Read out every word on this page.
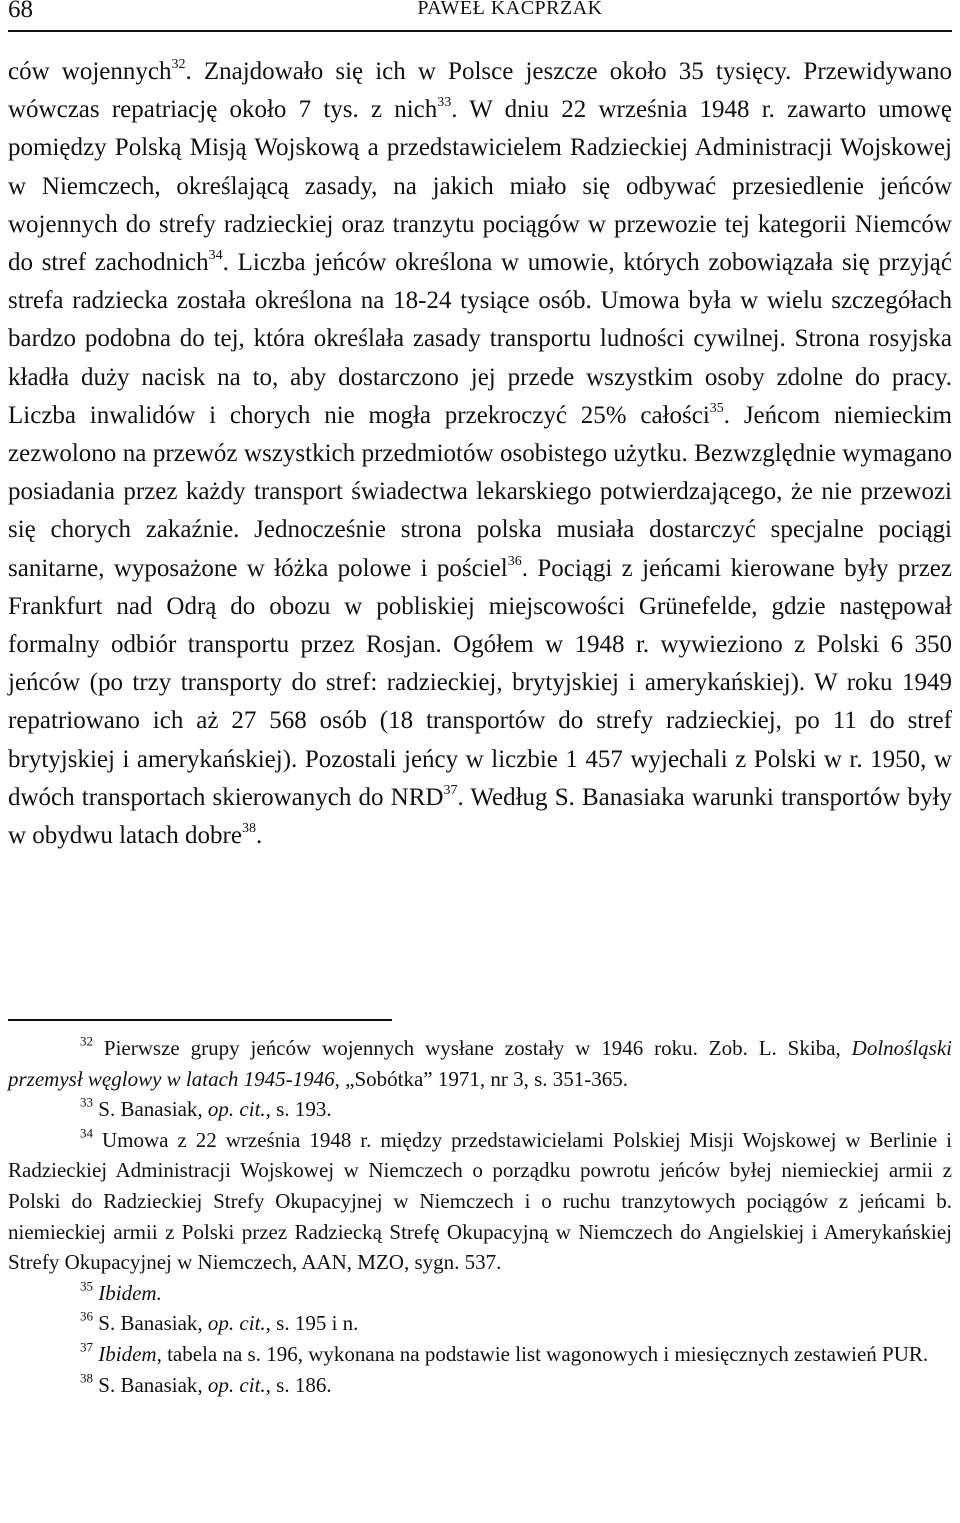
68	PAWEŁ KACPRZAK

ców wojennych$^{32}$. Znajdowało się ich w Polsce jeszcze około 35 tysięcy. Przewidywano wówczas repatriację około 7 tys. z nich$^{33}$. W dniu 22 września 1948 r. zawarto umowę pomiędzy Polską Misją Wojskową a przedstawicielem Radzieckiej Administracji Wojskowej w Niemczech, określającą zasady, na jakich miało się odbywać przesiedlenie jeńców wojennych do strefy radzieckiej oraz tranzytu pociągów w przewozie tej kategorii Niemców do stref zachodnich$^{34}$. Liczba jeńców określona w umowie, których zobowiązała się przyjąć strefa radziecka została określona na 18-24 tysiące osób. Umowa była w wielu szczegółach bardzo podobna do tej, która określała zasady transportu ludności cywilnej. Strona rosyjska kładła duży nacisk na to, aby dostarczono jej przede wszystkim osoby zdolne do pracy. Liczba inwalidów i chorych nie mogła przekroczyć 25% całości$^{35}$. Jeńcom niemieckim zezwolono na przewóz wszystkich przedmiotów osobistego użytku. Bezwzględnie wymagano posiadania przez każdy transport świadectwa lekarskiego potwierdzającego, że nie przewozi się chorych zakaźnie. Jednocześnie strona polska musiała dostarczyć specjalne pociągi sanitarne, wyposażone w łóżka polowe i pościel$^{36}$. Pociągi z jeńcami kierowane były przez Frankfurt nad Odrą do obozu w pobliskiej miejscowości Grünefelde, gdzie następował formalny odbiór transportu przez Rosjan. Ogółem w 1948 r. wywieziono z Polski 6 350 jeńców (po trzy transporty do stref: radzieckiej, brytyjskiej i amerykańskiej). W roku 1949 repatriowano ich aż 27 568 osób (18 transportów do strefy radzieckiej, po 11 do stref brytyjskiej i amerykańskiej). Pozostali jeńcy w liczbie 1 457 wyjechali z Polski w r. 1950, w dwóch transportach skierowanych do NRD$^{37}$. Według S. Banasiaka warunki transportów były w obydwu latach dobre$^{38}$.

$^{32}$ Pierwsze grupy jeńców wojennych wysłane zostały w 1946 roku. Zob. L. Skiba, Dolnośląski przemysł węglowy w latach 1945-1946, „Sobótka” 1971, nr 3, s. 351-365.

$^{33}$ S. Banasiak, op. cit., s. 193.

$^{34}$ Umowa z 22 września 1948 r. między przedstawicielami Polskiej Misji Wojskowej w Berlinie i Radzieckiej Administracji Wojskowej w Niemczech o porządku powrotu jeńców byłej niemieckiej armii z Polski do Radzieckiej Strefy Okupacyjnej w Niemczech i o ruchu tranzytowych pociągów z jeńcami b. niemieckiej armii z Polski przez Radziecką Strefę Okupacyjną w Niemczech do Angielskiej i Amerykańskiej Strefy Okupacyjnej w Niemczech, AAN, MZO, sygn. 537.

$^{35}$ Ibidem.

$^{36}$ S. Banasiak, op. cit., s. 195 i n.

$^{37}$ Ibidem, tabela na s. 196, wykonana na podstawie list wagonowych i miesięcznych zestawień PUR.

$^{38}$ S. Banasiak, op. cit., s. 186.
